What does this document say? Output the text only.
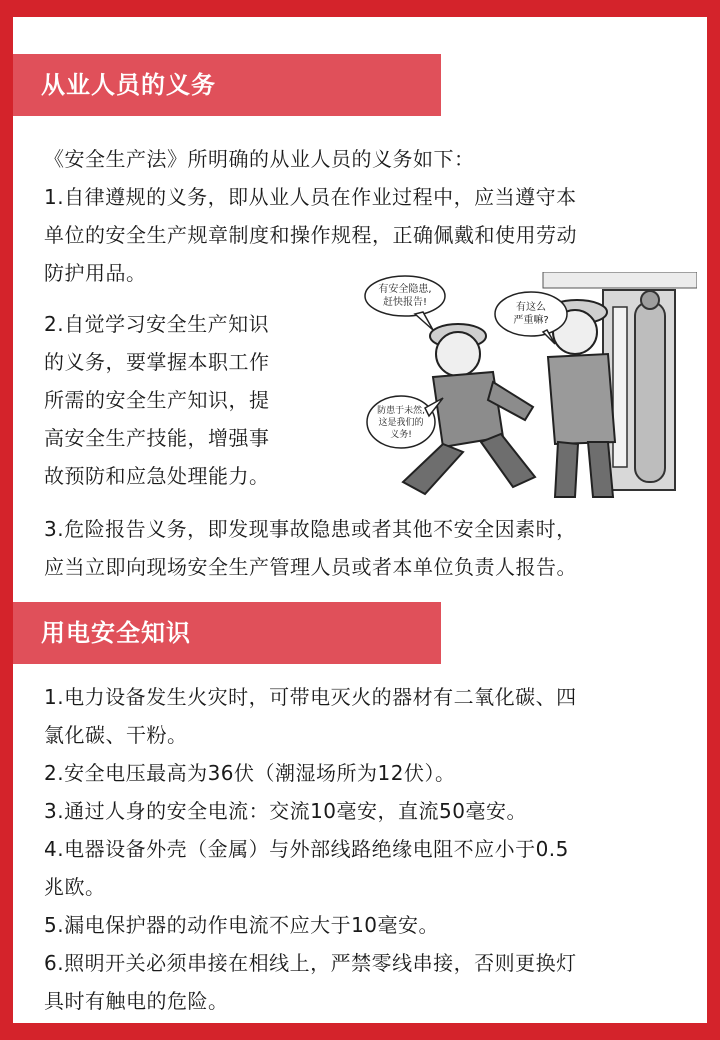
从业人员的义务
《安全生产法》所明确的从业人员的义务如下：
1.自律遵规的义务，即从业人员在作业过程中，应当遵守本
单位的安全生产规章制度和操作规程，正确佩戴和使用劳动
防护用品。
2.自觉学习安全生产知识
的义务，要掌握本职工作
所需的安全生产知识，提
高安全生产技能，增强事
故预防和应急处理能力。
有安全隐患,
赶快报告!	有这么
严重嘛?
防患于未然,
这是我们的
义务!
3.危险报告义务，即发现事故隐患或者其他不安全因素时，
应当立即向现场安全生产管理人员或者本单位负责人报告。
用电安全知识
1.电力设备发生火灾时，可带电灭火的器材有二氧化碳、四
氯化碳、干粉。
2.安全电压最高为36伏（潮湿场所为12伏）。
3.通过人身的安全电流：交流10毫安，直流50毫安。
4.电器设备外壳（金属）与外部线路绝缘电阻不应小于0.5
兆欧。
5.漏电保护器的动作电流不应大于10毫安。
6.照明开关必须串接在相线上，严禁零线串接，否则更换灯
具时有触电的危险。
